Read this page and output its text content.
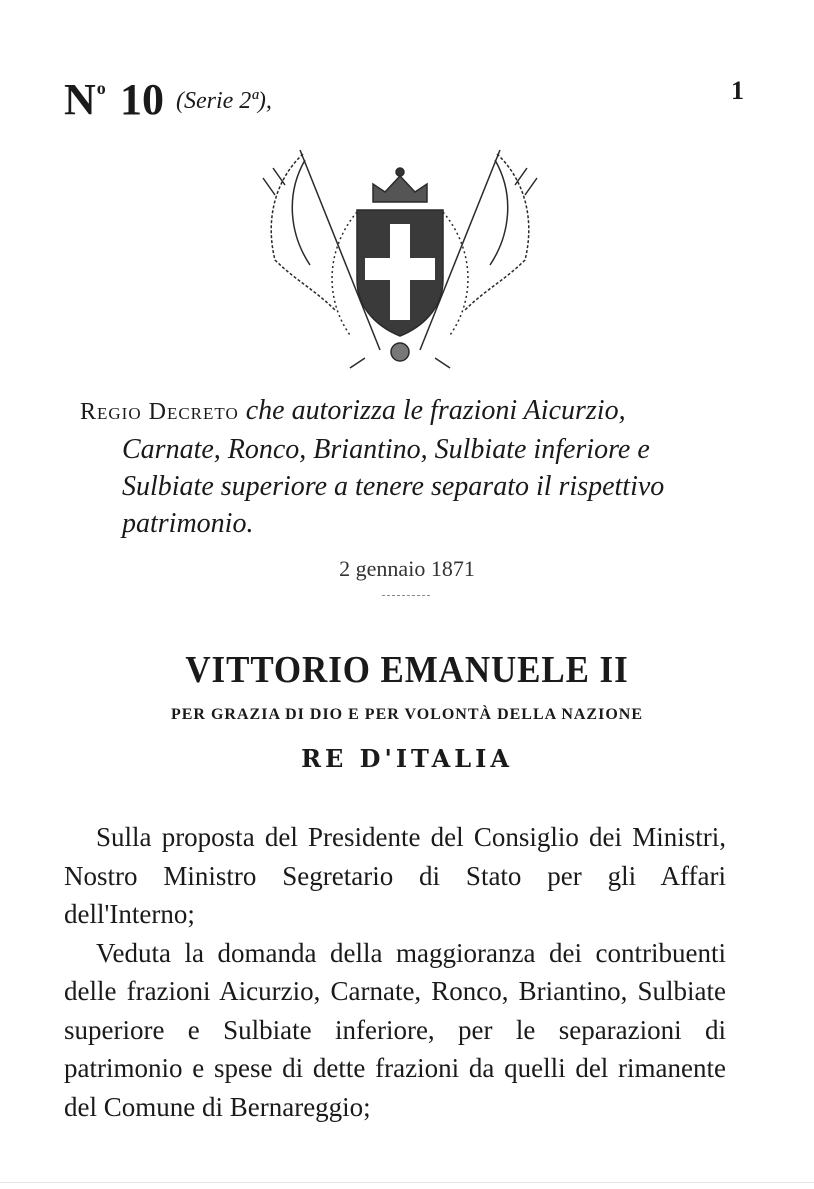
N $^o$ 10 (Serie 2ª),	1
Regio Decreto che autorizza le frazioni Aicurzio, Carnate, Ronco, Briantino, Sulbiate inferiore e Sulbiate superiore a tenere separato il rispettivo patrimonio.
2 gennaio 1871
VITTORIO EMANUELE II
PER GRAZIA DI DIO E PER VOLONTÀ DELLA NAZIONE
RE D'ITALIA

Sulla proposta del Presidente del Consiglio dei Ministri, Nostro Ministro Segretario di Stato per gli Affari dell'Interno;

Veduta la domanda della maggioranza dei contribuenti delle frazioni Aicurzio, Carnate, Ronco, Briantino, Sulbiate superiore e Sulbiate inferiore, per le separazioni di patrimonio e spese di dette frazioni da quelli del rimanente del Comune di Bernareggio;
